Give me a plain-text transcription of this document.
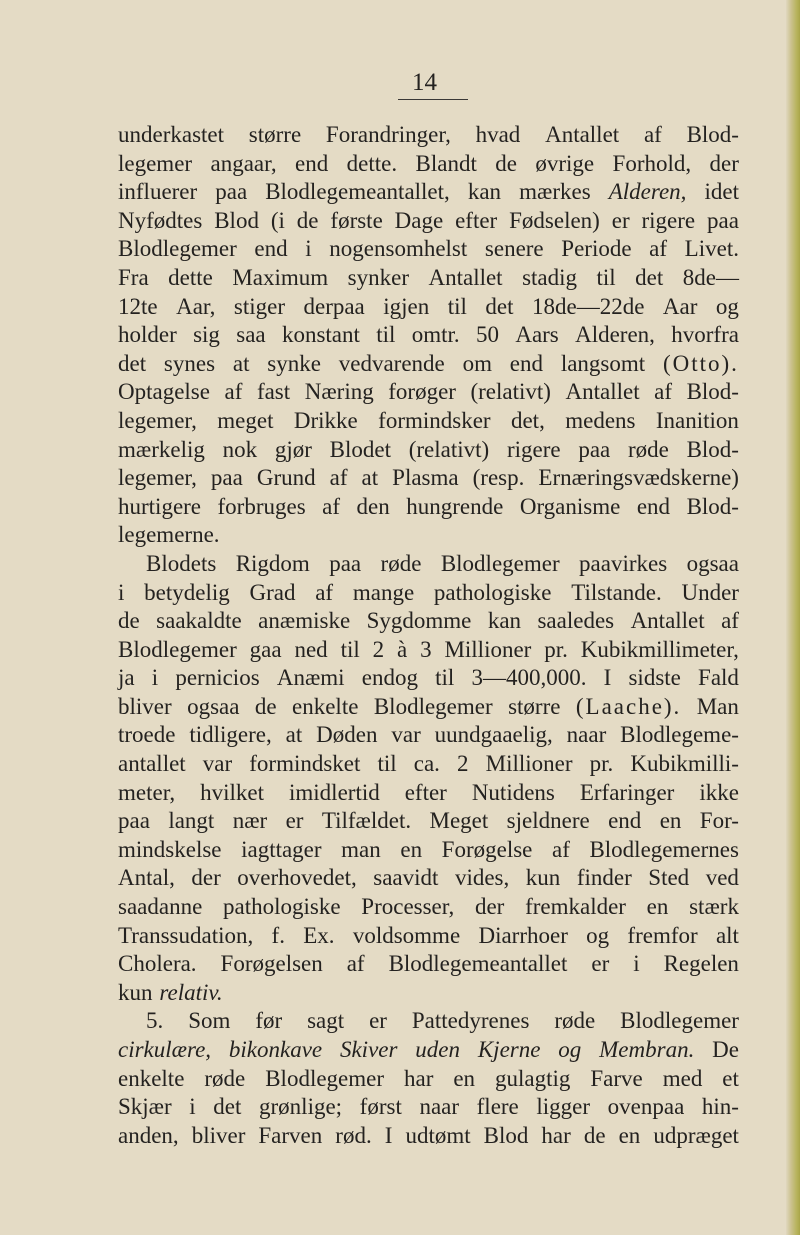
14
underkastet større Forandringer, hvad Antallet af Blod-
legemer angaar, end dette. Blandt de øvrige Forhold, der
influerer paa Blodlegemeantallet, kan mærkes Alderen, idet
Nyfødtes Blod (i de første Dage efter Fødselen) er rigere paa
Blodlegemer end i nogensomhelst senere Periode af Livet.
Fra dette Maximum synker Antallet stadig til det 8de—
12te Aar, stiger derpaa igjen til det 18de—22de Aar og
holder sig saa konstant til omtr. 50 Aars Alderen, hvorfra
det synes at synke vedvarende om end langsomt (Otto).
Optagelse af fast Næring forøger (relativt) Antallet af Blod-
legemer, meget Drikke formindsker det, medens Inanition
mærkelig nok gjør Blodet (relativt) rigere paa røde Blod-
legemer, paa Grund af at Plasma (resp. Ernæringsvædskerne)
hurtigere forbruges af den hungrende Organisme end Blod-
legemerne.
Blodets Rigdom paa røde Blodlegemer paavirkes ogsaa
i betydelig Grad af mange pathologiske Tilstande. Under
de saakaldte anæmiske Sygdomme kan saaledes Antallet af
Blodlegemer gaa ned til 2 à 3 Millioner pr. Kubikmillimeter,
ja i pernicios Anæmi endog til 3—400,000. I sidste Fald
bliver ogsaa de enkelte Blodlegemer større (Laache). Man
troede tidligere, at Døden var uundgaaelig, naar Blodlegeme-
antallet var formindsket til ca. 2 Millioner pr. Kubikmilli-
meter, hvilket imidlertid efter Nutidens Erfaringer ikke
paa langt nær er Tilfældet. Meget sjeldnere end en For-
mindskelse iagttager man en Forøgelse af Blodlegemernes
Antal, der overhovedet, saavidt vides, kun finder Sted ved
saadanne pathologiske Processer, der fremkalder en stærk
Transsudation, f. Ex. voldsomme Diarrhoer og fremfor alt
Cholera. Forøgelsen af Blodlegemeantallet er i Regelen
kun relativ.
5. Som før sagt er Pattedyrenes røde Blodlegemer
cirkulære, bikonkave Skiver uden Kjerne og Membran. De
enkelte røde Blodlegemer har en gulagtig Farve med et
Skjær i det grønlige; først naar flere ligger ovenpaa hin-
anden, bliver Farven rød. I udtømt Blod har de en udpræget
